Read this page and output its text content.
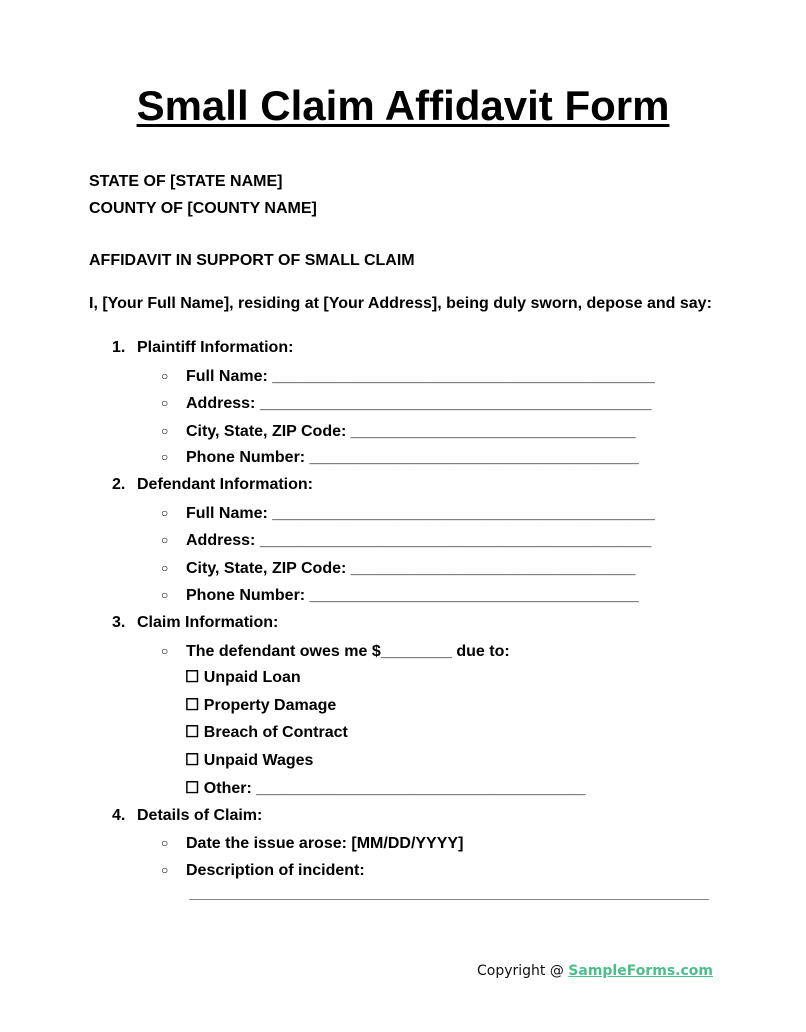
Small Claim Affidavit Form
STATE OF [STATE NAME]
COUNTY OF [COUNTY NAME]
AFFIDAVIT IN SUPPORT OF SMALL CLAIM
I, [Your Full Name], residing at [Your Address], being duly sworn, depose and say:
1. Plaintiff Information:
○ Full Name: ___________________________________________
○ Address: ____________________________________________
○ City, State, ZIP Code: ________________________________
○ Phone Number: _____________________________________
2. Defendant Information:
○ Full Name: ___________________________________________
○ Address: ____________________________________________
○ City, State, ZIP Code: ________________________________
○ Phone Number: _____________________________________
3. Claim Information:
○ The defendant owes me $________ due to:
☐ Unpaid Loan
☐ Property Damage
☐ Breach of Contract
☐ Unpaid Wages
☐ Other: _____________________________________
4. Details of Claim:
○ Date the issue arose: [MM/DD/YYYY]
○ Description of incident:
Copyright @ SampleForms.com
